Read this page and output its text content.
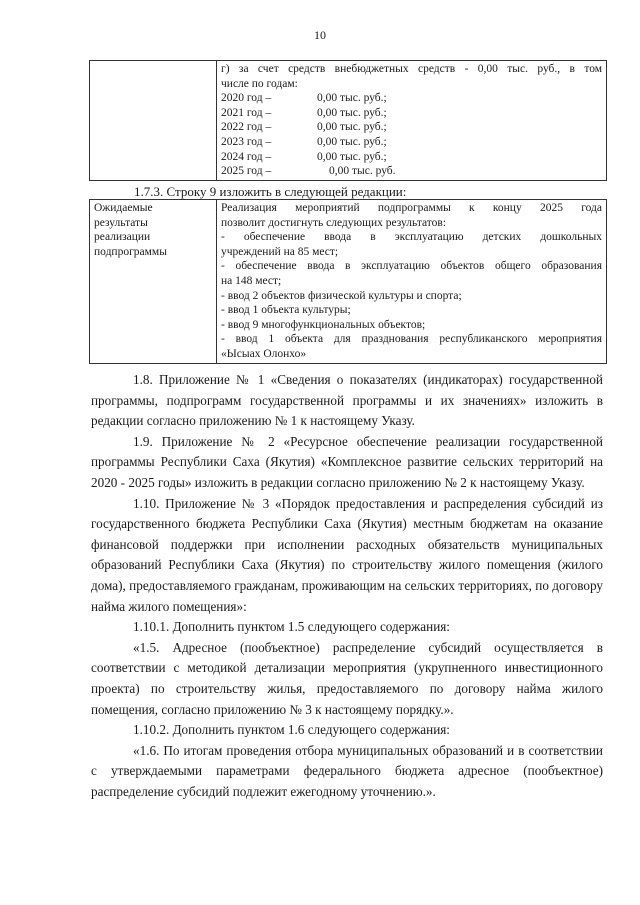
10

г) за счет средств внебюджетных средств - 0,00 тыс. руб., в том
числе по годам:
2020 год –	0,00 тыс. руб.;
2021 год –	0,00 тыс. руб.;
2022 год –	0,00 тыс. руб.;
2023 год –	0,00 тыс. руб.;
2024 год –	0,00 тыс. руб.;
2025 год –	0,00 тыс. руб.
1.7.3. Строку 9 изложить в следующей редакции:
Ожидаемые
результаты
реализации
подпрограммы

Реализация мероприятий подпрограммы к концу 2025 года
позволит достигнуть следующих результатов:
- обеспечение ввода в эксплуатацию детских дошкольных
учреждений на 85 мест;
- обеспечение ввода в эксплуатацию объектов общего образования
на 148 мест;
- ввод 2 объектов физической культуры и спорта;
- ввод 1 объекта культуры;
- ввод 9 многофункциональных объектов;
- ввод 1 объекта для празднования республиканского мероприятия
«Ысыах Олонхо»

1.8. Приложение № 1 «Сведения о показателях (индикаторах) государственной программы, подпрограмм государственной программы и их значениях» изложить в редакции согласно приложению № 1 к настоящему Указу.

1.9. Приложение № 2 «Ресурсное обеспечение реализации государственной программы Республики Саха (Якутия) «Комплексное развитие сельских территорий на 2020 - 2025 годы» изложить в редакции согласно приложению № 2 к настоящему Указу.

1.10. Приложение № 3 «Порядок предоставления и распределения субсидий из государственного бюджета Республики Саха (Якутия) местным бюджетам на оказание финансовой поддержки при исполнении расходных обязательств муниципальных образований Республики Саха (Якутия) по строительству жилого помещения (жилого дома), предоставляемого гражданам, проживающим на сельских территориях, по договору найма жилого помещения»:

1.10.1. Дополнить пунктом 1.5 следующего содержания:

«1.5. Адресное (пообъектное) распределение субсидий осуществляется в соответствии с методикой детализации мероприятия (укрупненного инвестиционного проекта) по строительству жилья, предоставляемого по договору найма жилого помещения, согласно приложению № 3 к настоящему порядку.».

1.10.2. Дополнить пунктом 1.6 следующего содержания:

«1.6. По итогам проведения отбора муниципальных образований и в соответствии с утверждаемыми параметрами федерального бюджета адресное (пообъектное) распределение субсидий подлежит ежегодному уточнению.».
